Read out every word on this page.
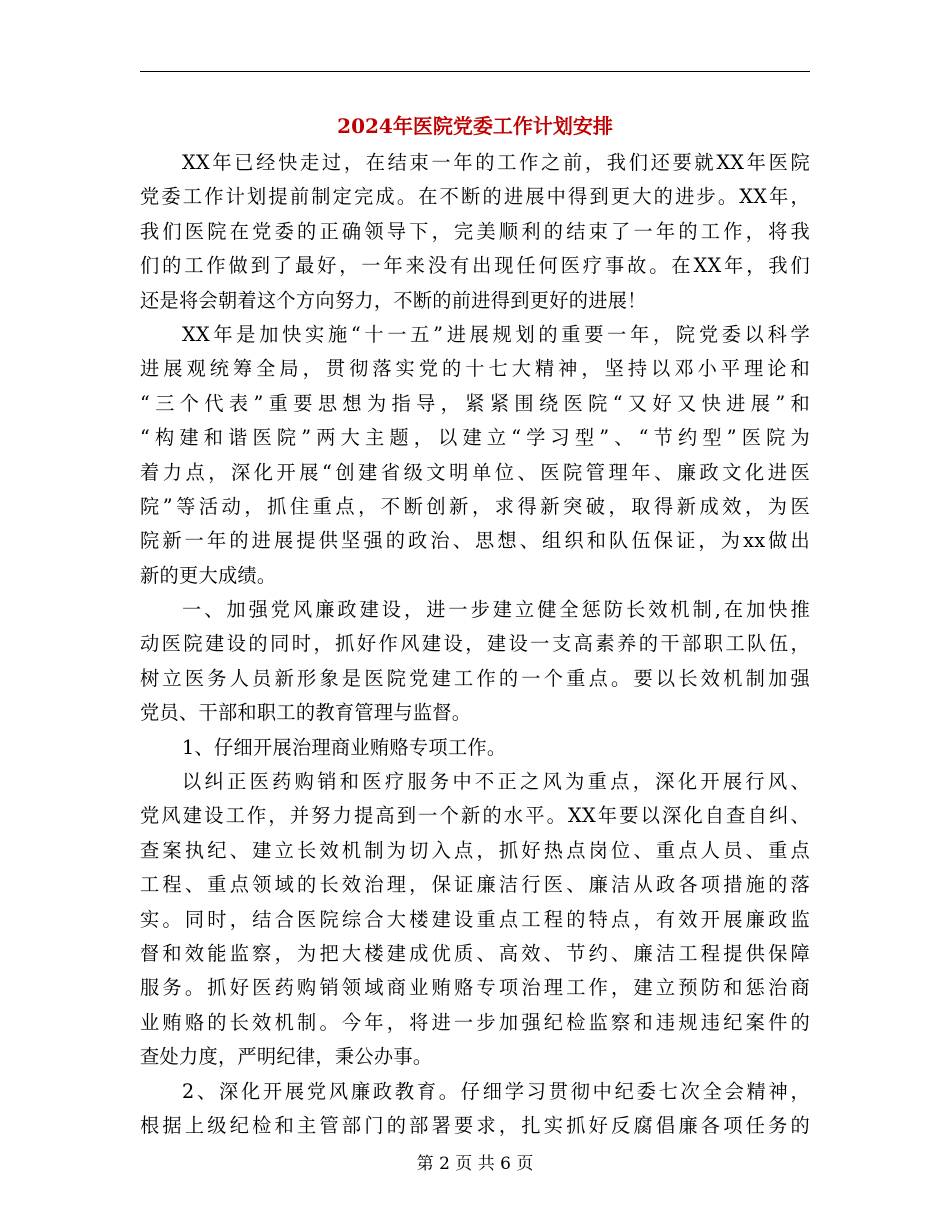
2024年医院党委工作计划安排
XX年已经快走过，在结束一年的工作之前，我们还要就XX年医院
党委工作计划提前制定完成。在不断的进展中得到更大的进步。XX年，
我们医院在党委的正确领导下，完美顺利的结束了一年的工作，将我
们的工作做到了最好，一年来没有出现任何医疗事故。在XX年，我们
还是将会朝着这个方向努力，不断的前进得到更好的进展！
XX年是加快实施“十一五”进展规划的重要一年，院党委以科学
进展观统筹全局，贯彻落实党的十七大精神，坚持以邓小平理论和
“三个代表”重要思想为指导，紧紧围绕医院“又好又快进展”和
“构建和谐医院”两大主题，以建立“学习型”、“节约型”医院为
着力点，深化开展“创建省级文明单位、医院管理年、廉政文化进医
院”等活动，抓住重点，不断创新，求得新突破，取得新成效，为医
院新一年的进展提供坚强的政治、思想、组织和队伍保证，为xx做出
新的更大成绩。
一、加强党风廉政建设，进一步建立健全惩防长效机制,在加快推
动医院建设的同时，抓好作风建设，建设一支高素养的干部职工队伍，
树立医务人员新形象是医院党建工作的一个重点。要以长效机制加强
党员、干部和职工的教育管理与监督。
1、仔细开展治理商业贿赂专项工作。
以纠正医药购销和医疗服务中不正之风为重点，深化开展行风、
党风建设工作，并努力提高到一个新的水平。XX年要以深化自查自纠、
查案执纪、建立长效机制为切入点，抓好热点岗位、重点人员、重点
工程、重点领域的长效治理，保证廉洁行医、廉洁从政各项措施的落
实。同时，结合医院综合大楼建设重点工程的特点，有效开展廉政监
督和效能监察，为把大楼建成优质、高效、节约、廉洁工程提供保障
服务。抓好医药购销领域商业贿赂专项治理工作，建立预防和惩治商
业贿赂的长效机制。今年，将进一步加强纪检监察和违规违纪案件的
查处力度，严明纪律，秉公办事。
2、深化开展党风廉政教育。仔细学习贯彻中纪委七次全会精神，
根据上级纪检和主管部门的部署要求，扎实抓好反腐倡廉各项任务的
第 2 页 共 6 页
